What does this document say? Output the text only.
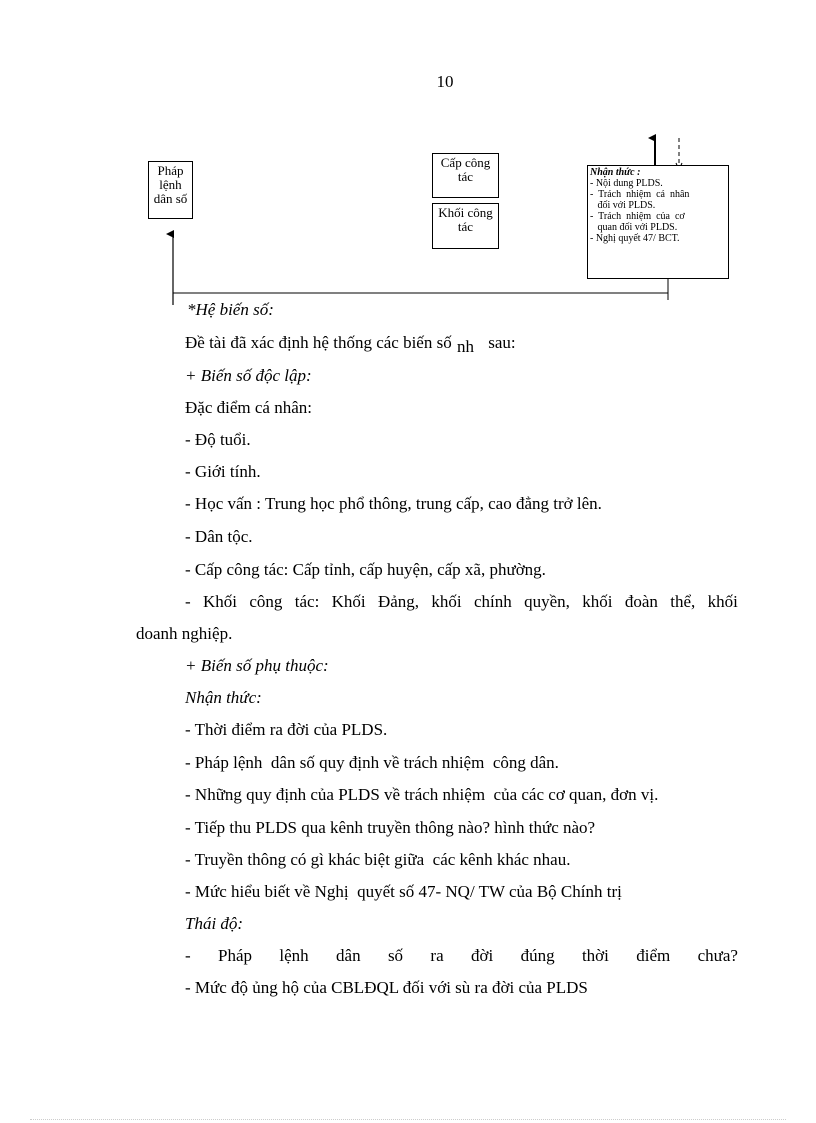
10
Pháp
lệnh
dân số
Cấp công
tác
Khối công
tác
Nhận thức :
- Nội dung PLDS.
-  Trách  nhiệm  cá  nhân
đối với PLDS.
-  Trách  nhiệm  của  cơ
quan đối với PLDS.
- Nghị quyết 47/ BCT.
*Hệ biến số:
Đề tài đã xác định hệ thống các biến số nh sau:
+ Biến số độc lập:
Đặc điểm cá nhân:
- Độ tuổi.
- Giới tính.
- Học vấn : Trung học phổ thông, trung cấp, cao đẳng trở lên.
- Dân tộc.
- Cấp công tác: Cấp tỉnh, cấp huyện, cấp xã, phường.
- Khối công tác: Khối Đảng, khối chính quyền, khối đoàn thể, khối
doanh nghiệp.
+ Biến số phụ thuộc:
Nhận thức:
- Thời điểm ra đời của PLDS.
- Pháp lệnh  dân số quy định về trách nhiệm  công dân.
- Những quy định của PLDS về trách nhiệm  của các cơ quan, đơn vị.
- Tiếp thu PLDS qua kênh truyền thông nào? hình thức nào?
- Truyền thông có gì khác biệt giữa  các kênh khác nhau.
- Mức hiểu biết về Nghị  quyết số 47- NQ/ TW của Bộ Chính trị
Thái độ:
- Pháp lệnh dân số ra đời đúng thời điểm chưa?
- Mức độ ủng hộ của CBLĐQL đối với sù ra đời của PLDS
